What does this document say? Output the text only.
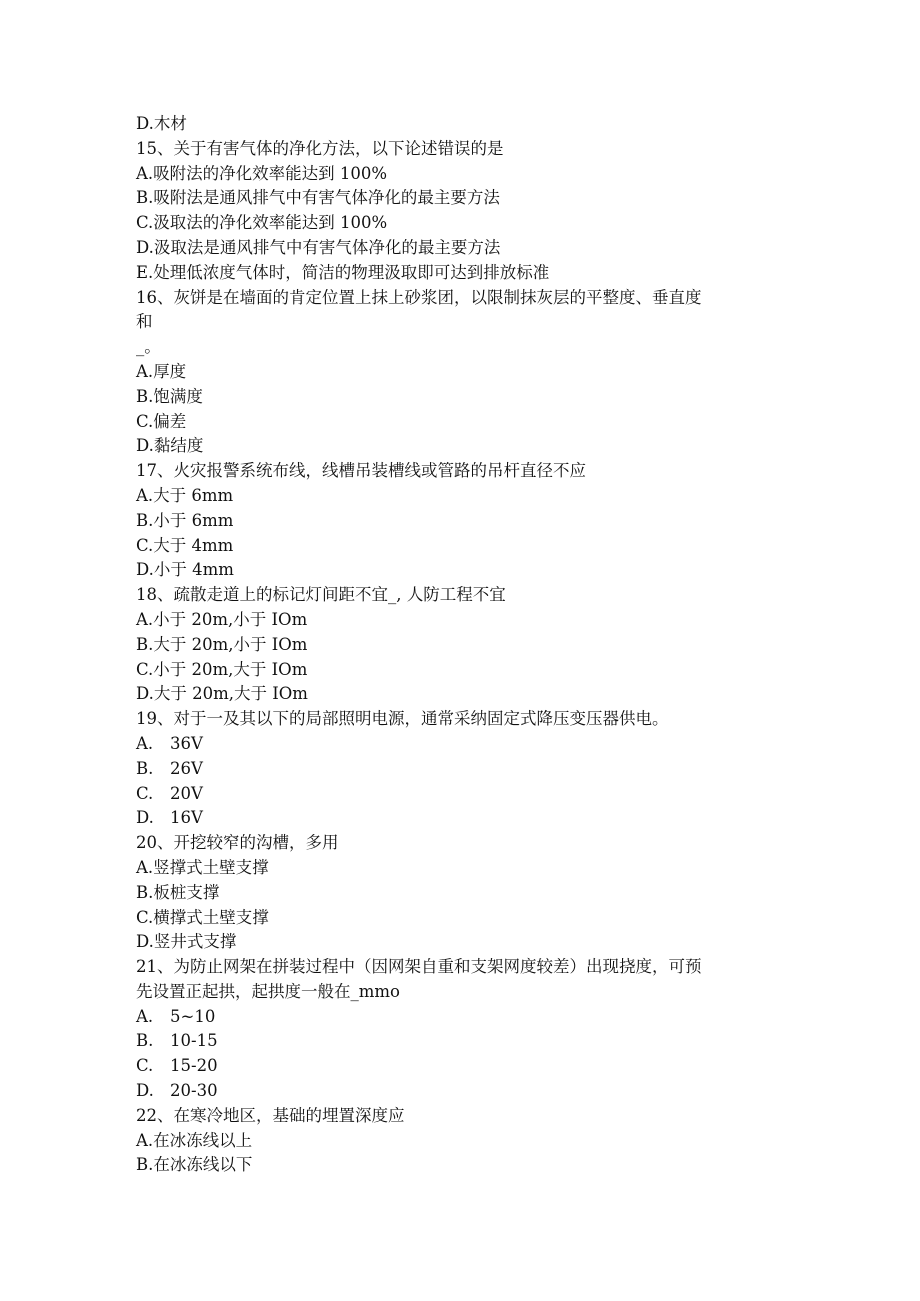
D.木材
15、关于有害气体的净化方法，以下论述错误的是
A.吸附法的净化效率能达到 100%
B.吸附法是通风排气中有害气体净化的最主要方法
C.汲取法的净化效率能达到 100%
D.汲取法是通风排气中有害气体净化的最主要方法
E.处理低浓度气体时，简洁的物理汲取即可达到排放标准
16、灰饼是在墙面的肯定位置上抹上砂浆团，以限制抹灰层的平整度、垂直度
和
_。
A.厚度
B.饱满度
C.偏差
D.黏结度
17、火灾报警系统布线，线槽吊装槽线或管路的吊杆直径不应
A.大于 6mm
B.小于 6mm
C.大于 4mm
D.小于 4mm
18、疏散走道上的标记灯间距不宜_, 人防工程不宜
A.小于 20m,小于 IOm
B.大于 20m,小于 IOm
C.小于 20m,大于 IOm
D.大于 20m,大于 IOm
19、对于一及其以下的局部照明电源，通常采纳固定式降压变压器供电。
A.	36V
B.	26V
C.	20V
D. 16V
20、开挖较窄的沟槽，多用
A.竖撑式土壁支撑
B.板桩支撑
C.横撑式土壁支撑
D.竖井式支撑
21、为防止网架在拼装过程中（因网架自重和支架网度较差）出现挠度，可预
先设置正起拱，起拱度一般在_mmo
A.	5~10
B.	10-15
C.	15-20
D. 20-30
22、在寒冷地区，基础的埋置深度应
A.在冰冻线以上
B.在冰冻线以下
